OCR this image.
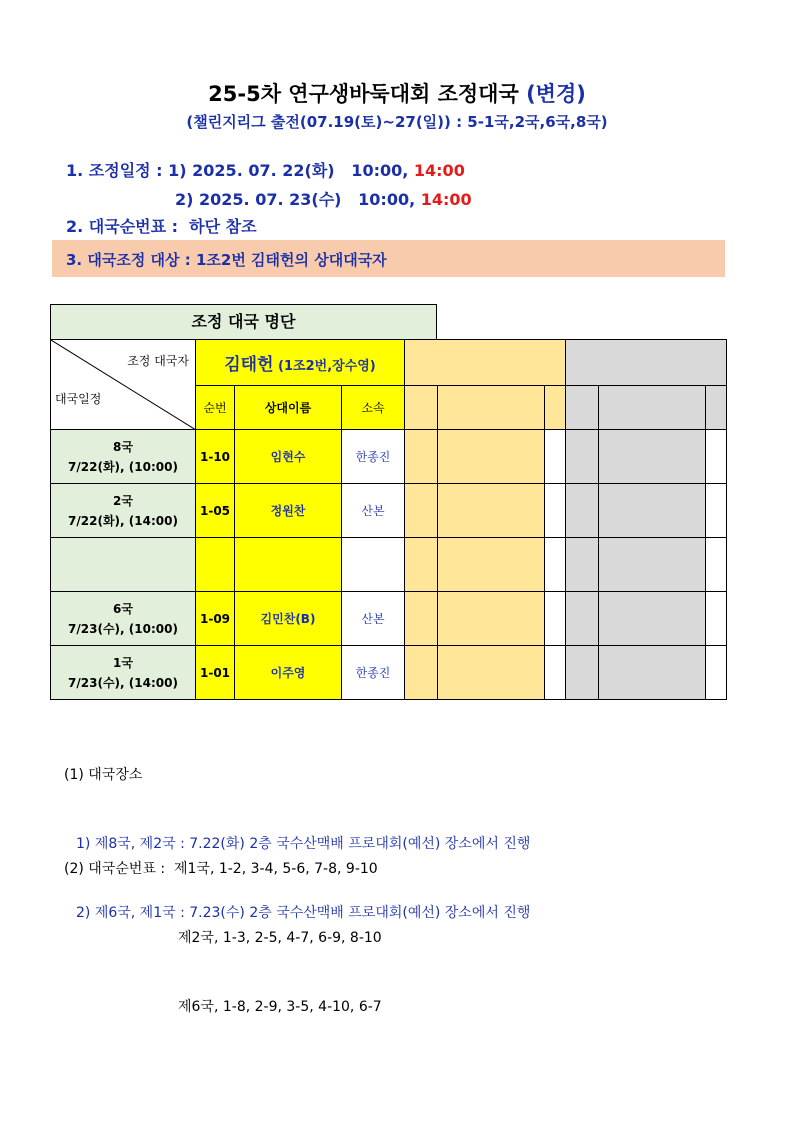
25-5차 연구생바둑대회 조정대국 (변경)
(챌린지리그 출전(07.19(토)~27(일)) : 5-1국,2국,6국,8국)
1. 조정일정 : 1) 2025. 07. 22(화)   10:00, 14:00
2) 2025. 07. 23(수)   10:00, 14:00
2. 대국순번표 :  하단 참조
3. 대국조정 대상 : 1조2번 김태헌의 상대대국자
조정 대국 명단
조정 대국자
대국일정	김태헌 (1조2번,장수영)								
	순번	상대이름	소속						

8국
7/22(화), (10:00)	1-10	임현수	한종진						

2국
7/22(화), (14:00)	1-05	정원찬	산본						

6국
7/23(수), (10:00)	1-09	김민찬(B)	산본						

1국
7/23(수), (14:00)	1-01	이주영	한종진						

(1) 대국장소

1) 제8국, 제2국 : 7.22(화) 2층 국수산맥배 프로대회(예선) 장소에서 진행

2) 제6국, 제1국 : 7.23(수) 2층 국수산맥배 프로대회(예선) 장소에서 진행

(2) 대국순번표 : 제1국, 1-2, 3-4, 5-6, 7-8, 9-10

제2국, 1-3, 2-5, 4-7, 6-9, 8-10

제6국, 1-8, 2-9, 3-5, 4-10, 6-7
